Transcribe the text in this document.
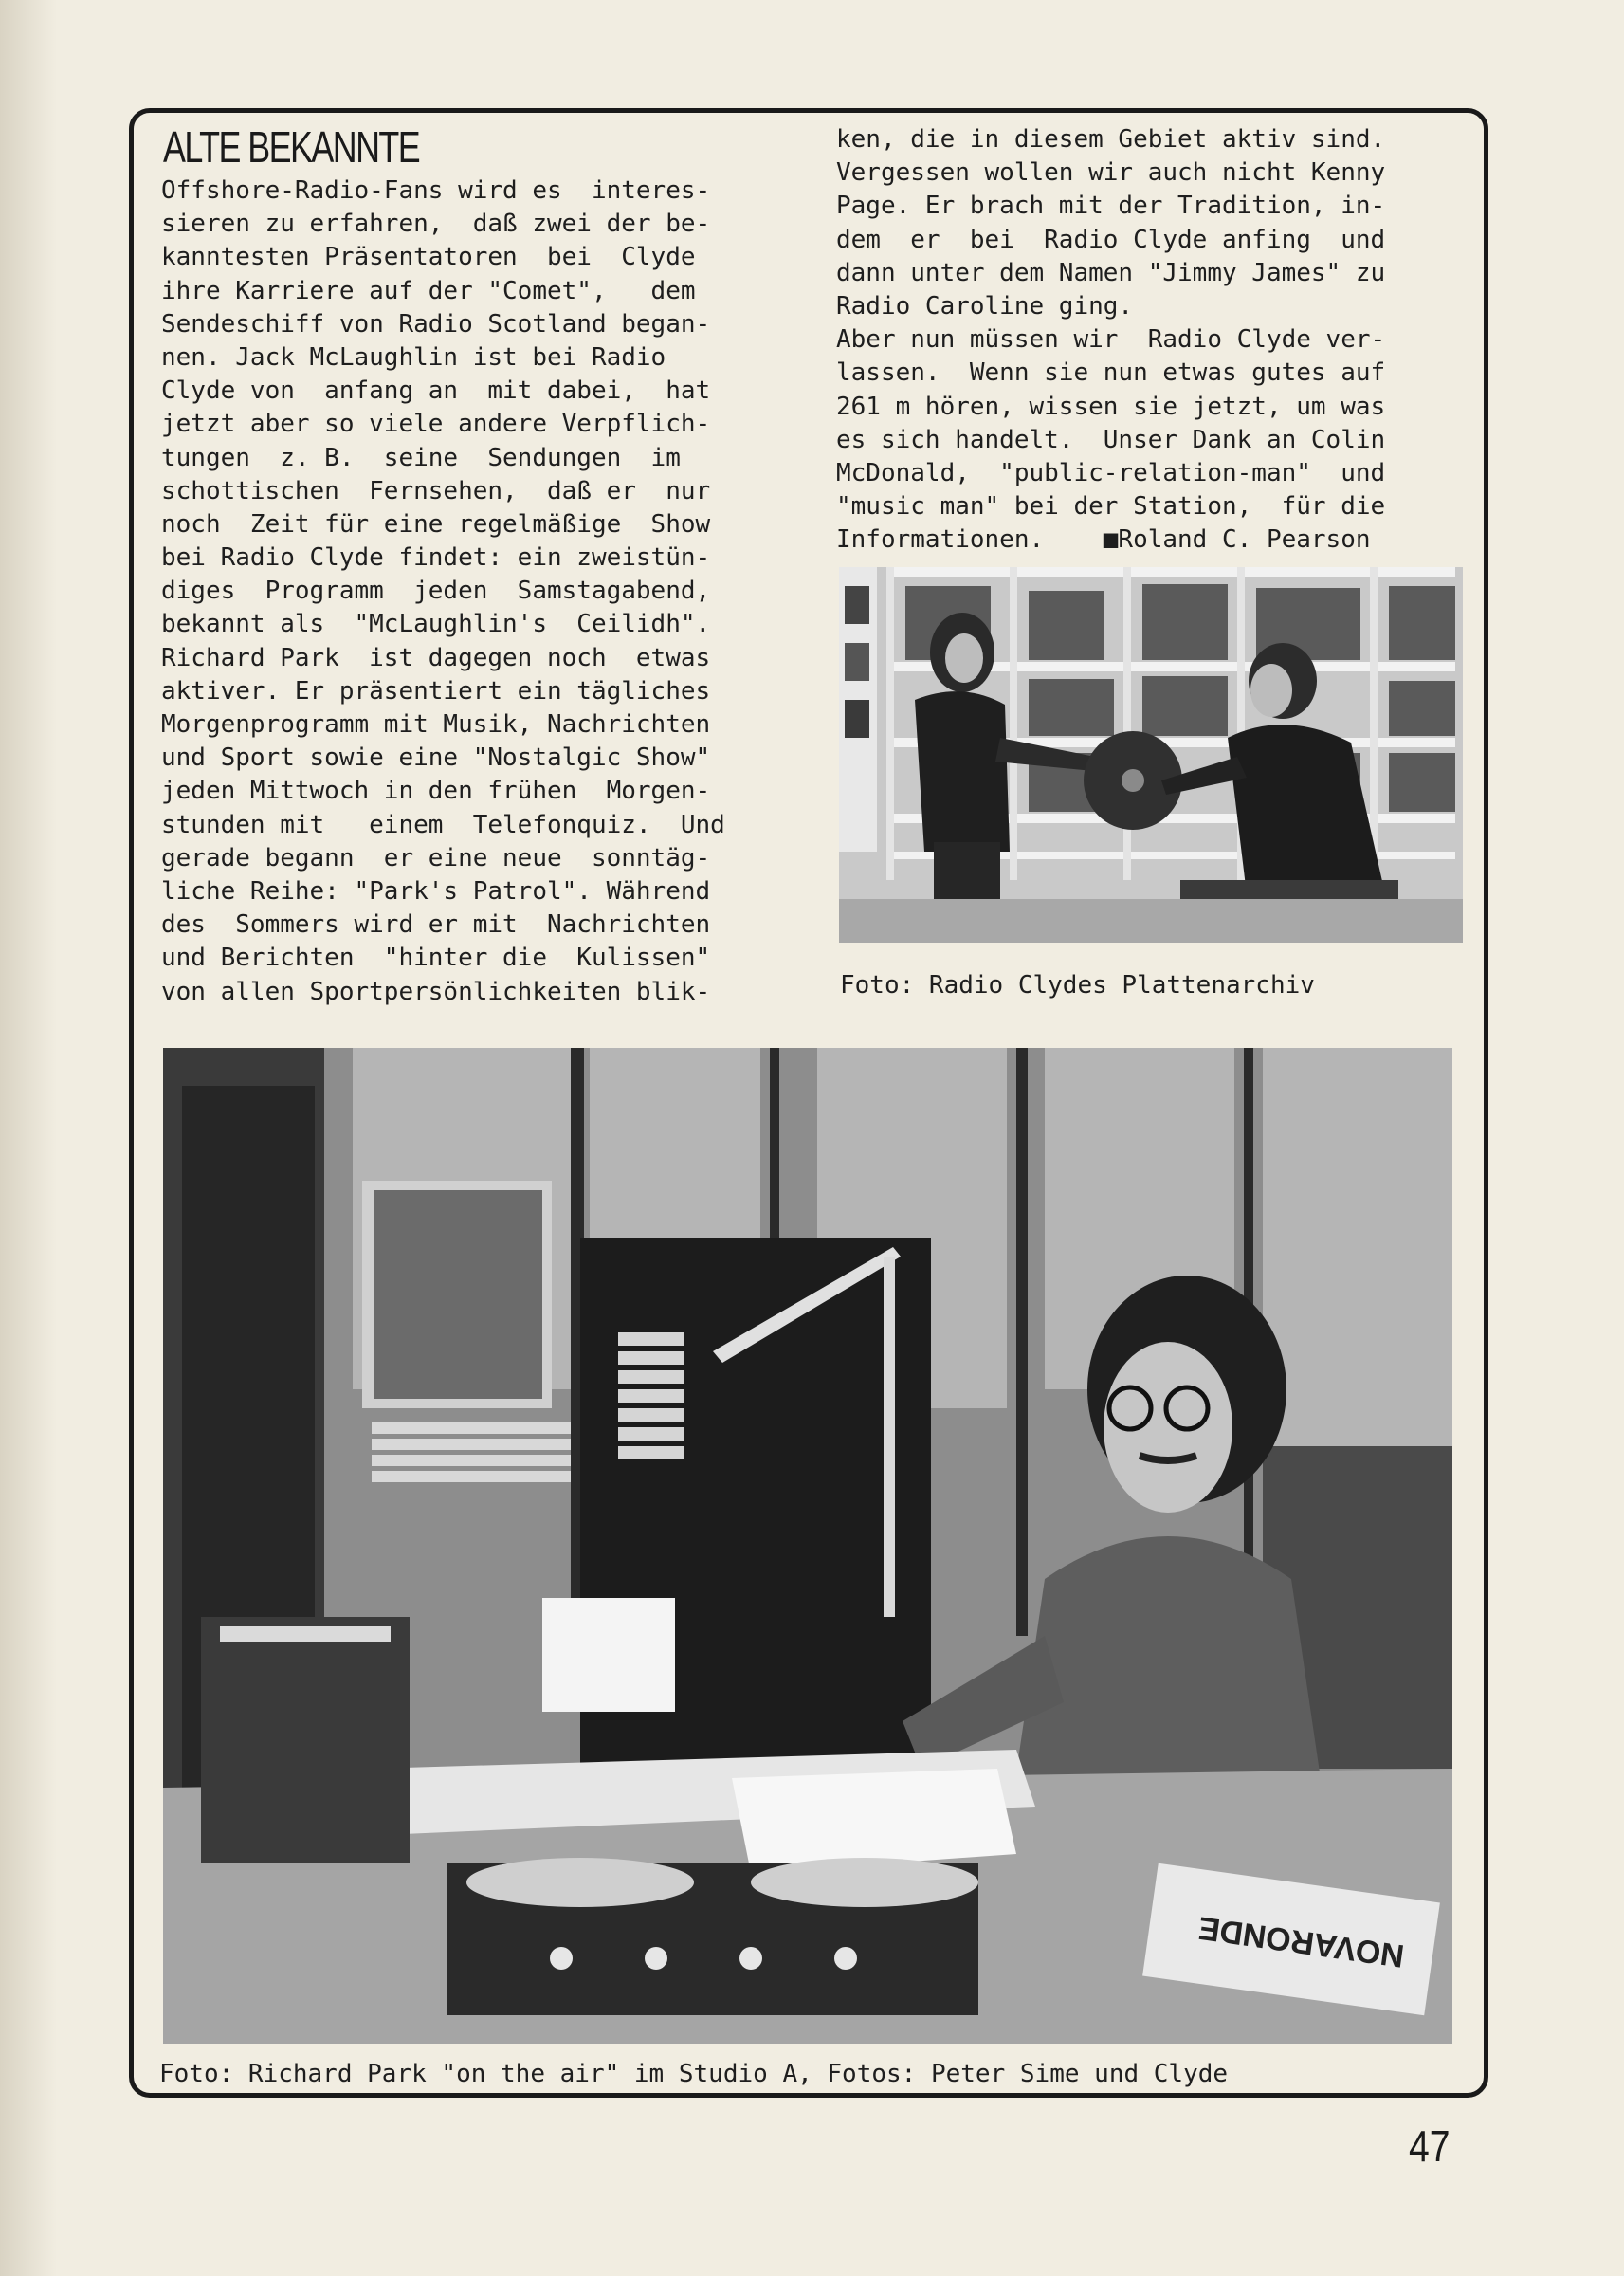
ALTE BEKANNTE
Offshore-Radio-Fans wird es  interes-
sieren zu erfahren,  daß zwei der be-
kanntesten Präsentatoren  bei  Clyde
ihre Karriere auf der "Comet",   dem
Sendeschiff von Radio Scotland began-
nen. Jack McLaughlin ist bei Radio
Clyde von  anfang an  mit dabei,  hat
jetzt aber so viele andere Verpflich-
tungen  z. B.  seine  Sendungen  im
schottischen  Fernsehen,  daß er  nur
noch  Zeit für eine regelmäßige  Show
bei Radio Clyde findet: ein zweistün-
diges  Programm  jeden  Samstagabend,
bekannt als  "McLaughlin's  Ceilidh".
Richard Park  ist dagegen noch  etwas
aktiver. Er präsentiert ein tägliches
Morgenprogramm mit Musik, Nachrichten
und Sport sowie eine "Nostalgic Show"
jeden Mittwoch in den frühen  Morgen-
stunden mit   einem  Telefonquiz.  Und
gerade begann  er eine neue  sonntäg-
liche Reihe: "Park's Patrol". Während
des  Sommers wird er mit  Nachrichten
und Berichten  "hinter die  Kulissen"
von allen Sportpersönlichkeiten blik-
ken, die in diesem Gebiet aktiv sind.
Vergessen wollen wir auch nicht Kenny
Page. Er brach mit der Tradition, in-
dem  er  bei  Radio Clyde anfing  und
dann unter dem Namen "Jimmy James" zu
Radio Caroline ging.
Aber nun müssen wir  Radio Clyde ver-
lassen.  Wenn sie nun etwas gutes auf
261 m hören, wissen sie jetzt, um was
es sich handelt.  Unser Dank an Colin
McDonald,  "public-relation-man"  und
"music man" bei der Station,  für die
Informationen.    ■Roland C. Pearson
NOVARONDE
Foto: Radio Clydes Plattenarchiv
Foto: Richard Park "on the air" im Studio A, Fotos: Peter Sime und Clyde
47
